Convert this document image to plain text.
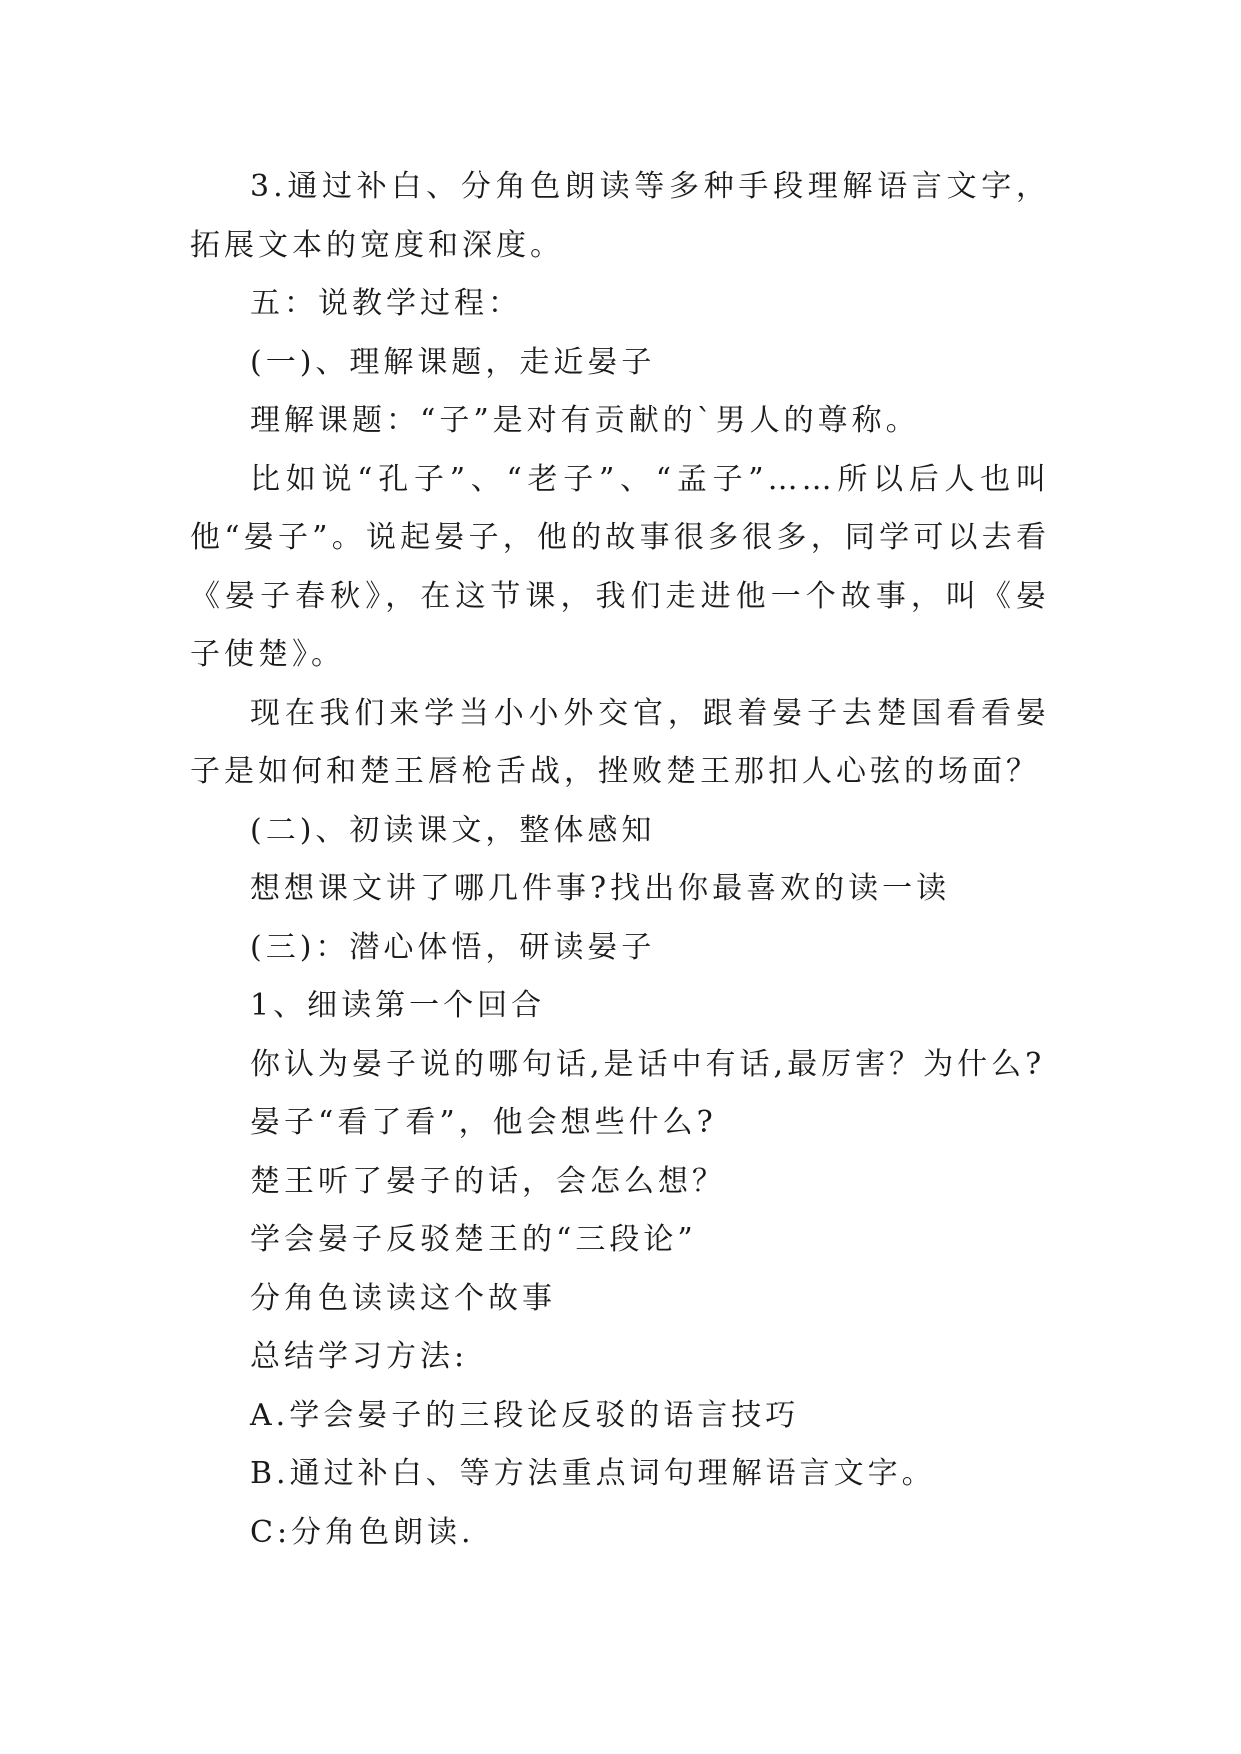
3.通过补白、分角色朗读等多种手段理解语言文字，拓展文本的宽度和深度。

五：说教学过程：

(一)、理解课题，走近晏子

理解课题：“子”是对有贡献的`男人的尊称。

比如说“孔子”、“老子”、“孟子”……所以后人也叫他“晏子”。说起晏子，他的故事很多很多，同学可以去看《晏子春秋》，在这节课，我们走进他一个故事，叫《晏子使楚》。

现在我们来学当小小外交官，跟着晏子去楚国看看晏子是如何和楚王唇枪舌战，挫败楚王那扣人心弦的场面？

(二)、初读课文，整体感知

想想课文讲了哪几件事?找出你最喜欢的读一读

(三)：潜心体悟，研读晏子

1、细读第一个回合

你认为晏子说的哪句话,是话中有话,最厉害？为什么?

晏子“看了看”，他会想些什么?

楚王听了晏子的话，会怎么想？

学会晏子反驳楚王的“三段论”

分角色读读这个故事

总结学习方法:

A.学会晏子的三段论反驳的语言技巧

B.通过补白、等方法重点词句理解语言文字。

C:分角色朗读.
